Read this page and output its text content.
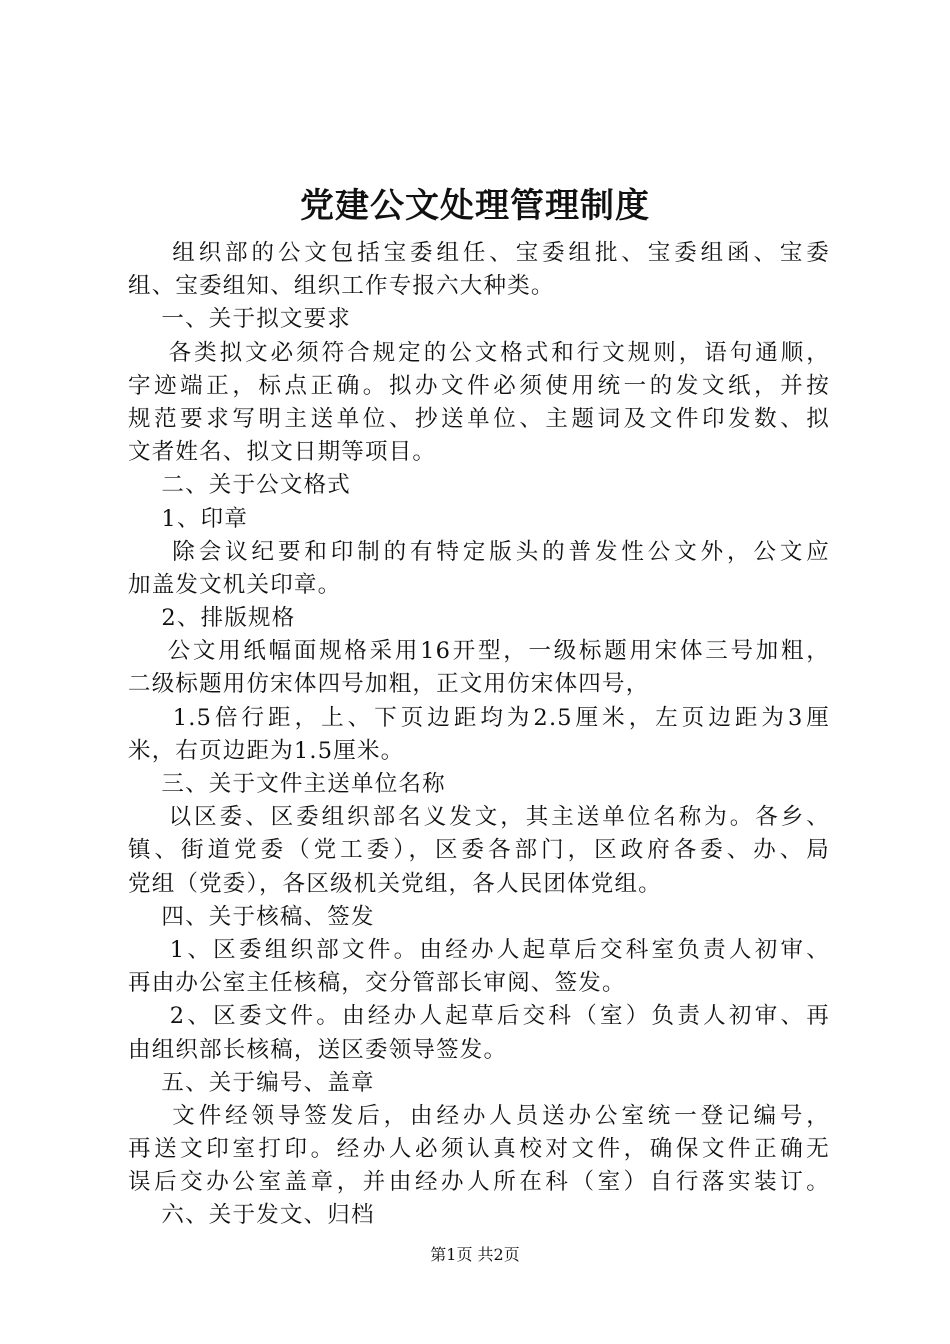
党建公文处理管理制度
组织部的公文包括宝委组任、宝委组批、宝委组函、宝委
组、宝委组知、组织工作专报六大种类。
一、关于拟文要求
各类拟文必须符合规定的公文格式和行文规则，语句通顺，
字迹端正，标点正确。拟办文件必须使用统一的发文纸，并按
规范要求写明主送单位、抄送单位、主题词及文件印发数、拟
文者姓名、拟文日期等项目。
二、关于公文格式
1、印章
除会议纪要和印制的有特定版头的普发性公文外，公文应
加盖发文机关印章。
2、排版规格
公文用纸幅面规格采用16开型，一级标题用宋体三号加粗，
二级标题用仿宋体四号加粗，正文用仿宋体四号，
1.5倍行距，上、下页边距均为2.5厘米，左页边距为3厘
米，右页边距为1.5厘米。
三、关于文件主送单位名称
以区委、区委组织部名义发文，其主送单位名称为。各乡、
镇、街道党委（党工委），区委各部门，区政府各委、办、局
党组（党委），各区级机关党组，各人民团体党组。
四、关于核稿、签发
1、区委组织部文件。由经办人起草后交科室负责人初审、
再由办公室主任核稿，交分管部长审阅、签发。
2、区委文件。由经办人起草后交科（室）负责人初审、再
由组织部长核稿，送区委领导签发。
五、关于编号、盖章
文件经领导签发后，由经办人员送办公室统一登记编号，
再送文印室打印。经办人必须认真校对文件，确保文件正确无
误后交办公室盖章，并由经办人所在科（室）自行落实装订。
六、关于发文、归档
第1页 共2页
